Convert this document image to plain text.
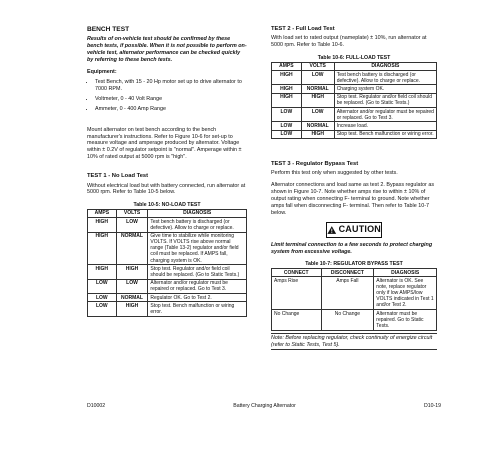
BENCH TEST

Results of on-vehicle test should be confirmed by these bench tests, if possible. When it is not possible to perform on-vehicle test, alternator performance can be checked quickly by referring to these bench tests.

Equipment:

• Test Bench, with 15 - 20 Hp motor set up to drive alternator to 7000 RPM.
• Voltmeter, 0 - 40 Volt Range
• Ammeter, 0 - 400 Amp Range

Mount alternator on test bench according to the bench manufacturer's instructions. Refer to Figure 10-6 for set-up to measure voltage and amperage produced by alternator. Voltage within ± 0.2V of regulator setpoint is "normal". Amperage within ± 10% of rated output at 5000 rpm is "high".

TEST 1 - No Load Test

Without electrical load but with battery connected, run alternator at 5000 rpm. Refer to Table 10-5 below.

Table 10-5: NO-LOAD TEST		
AMPS	VOLTS	DIAGNOSIS
HIGH	LOW	Test bench battery is discharged (or defective). Allow to charge or replace.
HIGH	NORMAL	Give time to stabilize while monitoring VOLTS. If VOLTS rise above normal range (Table 13-2) regulator and/or field coil must be replaced. If AMPS fall, charging system is OK.
HIGH	HIGH	Stop test. Regulator and/or field coil should be replaced. (Go to Static Tests.)
LOW	LOW	Alternator and/or regulator must be repaired or replaced. Go to Test 3.
LOW	NORMAL	Regulator OK. Go to Test 2.
LOW	HIGH	Stop test. Bench malfunction or wiring error.
TEST 2 - Full Load Test

With load set to rated output (nameplate) ± 10%, run alternator at 5000 rpm. Refer to Table 10-6.

Table 10-6: FULL-LOAD TEST		
AMPS	VOLTS	DIAGNOSIS
HIGH	LOW	Test bench battery is discharged (or defective). Allow to charge or replace.
HIGH	NORMAL	Charging system OK.
HIGH	HIGH	Stop test. Regulator and/or field coil should be replaced. (Go to Static Tests.)
LOW	LOW	Alternator and/or regulator must be repaired or replaced. Go to Test 3.
LOW	NORMAL	Increase load.
LOW	HIGH	Stop test. Bench malfunction or wiring error.
TEST 3 - Regulator Bypass Test

Perform this test only when suggested by other tests.

Alternator connections and load same as test 2. Bypass regulator as shown in Figure 10-7. Note whether amps rise to within ± 10% of output rating when connecting F- terminal to ground. Note whether amps fall when disconnecting F- terminal. Then refer to Table 10-7 below.

CAUTION

Limit terminal connection to a few seconds to protect charging system from excessive voltage.

Table 10-7: REGULATOR BYPASS TEST		
CONNECT	DISCONNECT	DIAGNOSIS
Amps Rise	Amps Fall	Alternator is OK. See note, replace regulator only if low AMPS/low VOLTS indicated in Test 1 and/or Test 2.
No Change	No Change	Alternator must be repaired. Go to Static Tests.
Note: Before replacing regulator, check continuity of energize circuit (refer to Static Tests, Test 5).
D10002	Battery Charging Alternator	D10-19
